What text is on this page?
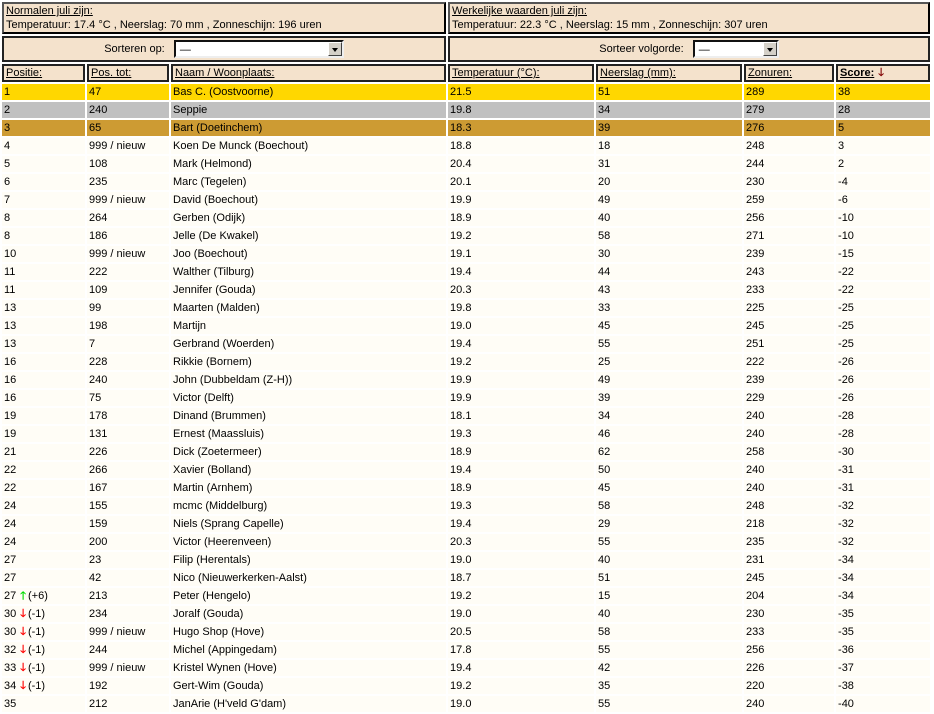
Normalen juli zijn:
Temperatuur: 17.4 °C , Neerslag: 70 mm , Zonneschijn: 196 uren			Werkelijke waarden juli zijn:
Temperatuur: 22.3 °C , Neerslag: 15 mm , Zonneschijn: 307 uren			
Sorteren op: —			Sorteer volgorde: —			

Positie:	Pos. tot:	Naam / Woonplaats:	Temperatuur (°C):	Neerslag (mm):	Zonuren:	Score: 🡓
1	47	Bas C. (Oostvoorne)	21.5	51	289	38
2	240	Seppie	19.8	34	279	28
3	65	Bart (Doetinchem)	18.3	39	276	5
4	999 / nieuw	Koen De Munck (Boechout)	18.8	18	248	3
5	108	Mark (Helmond)	20.4	31	244	2
6	235	Marc (Tegelen)	20.1	20	230	-4
7	999 / nieuw	David (Boechout)	19.9	49	259	-6
8	264	Gerben (Odijk)	18.9	40	256	-10
8	186	Jelle (De Kwakel)	19.2	58	271	-10
10	999 / nieuw	Joo (Boechout)	19.1	30	239	-15
11	222	Walther (Tilburg)	19.4	44	243	-22
11	109	Jennifer (Gouda)	20.3	43	233	-22
13	99	Maarten (Malden)	19.8	33	225	-25
13	198	Martijn	19.0	45	245	-25
13	7	Gerbrand (Woerden)	19.4	55	251	-25
16	228	Rikkie (Bornem)	19.2	25	222	-26
16	240	John (Dubbeldam (Z-H))	19.9	49	239	-26
16	75	Victor (Delft)	19.9	39	229	-26
19	178	Dinand (Brummen)	18.1	34	240	-28
19	131	Ernest (Maassluis)	19.3	46	240	-28
21	226	Dick (Zoetermeer)	18.9	62	258	-30
22	266	Xavier (Bolland)	19.4	50	240	-31
22	167	Martin (Arnhem)	18.9	45	240	-31
24	155	mcmc (Middelburg)	19.3	58	248	-32
24	159	Niels (Sprang Capelle)	19.4	29	218	-32
24	200	Victor (Heerenveen)	20.3	55	235	-32
27	23	Filip (Herentals)	19.0	40	231	-34
27	42	Nico (Nieuwerkerken-Aalst)	18.7	51	245	-34
27 🡑 (+6)	213	Peter (Hengelo)	19.2	15	204	-34
30 🡓 (-1)	234	Joralf (Gouda)	19.0	40	230	-35
30 🡓 (-1)	999 / nieuw	Hugo Shop (Hove)	20.5	58	233	-35
32 🡓 (-1)	244	Michel (Appingedam)	17.8	55	256	-36
33 🡓 (-1)	999 / nieuw	Kristel Wynen (Hove)	19.4	42	226	-37
34 🡓 (-1)	192	Gert-Wim (Gouda)	19.2	35	220	-38
35	212	JanArie (H'veld G'dam)	19.0	55	240	-40
